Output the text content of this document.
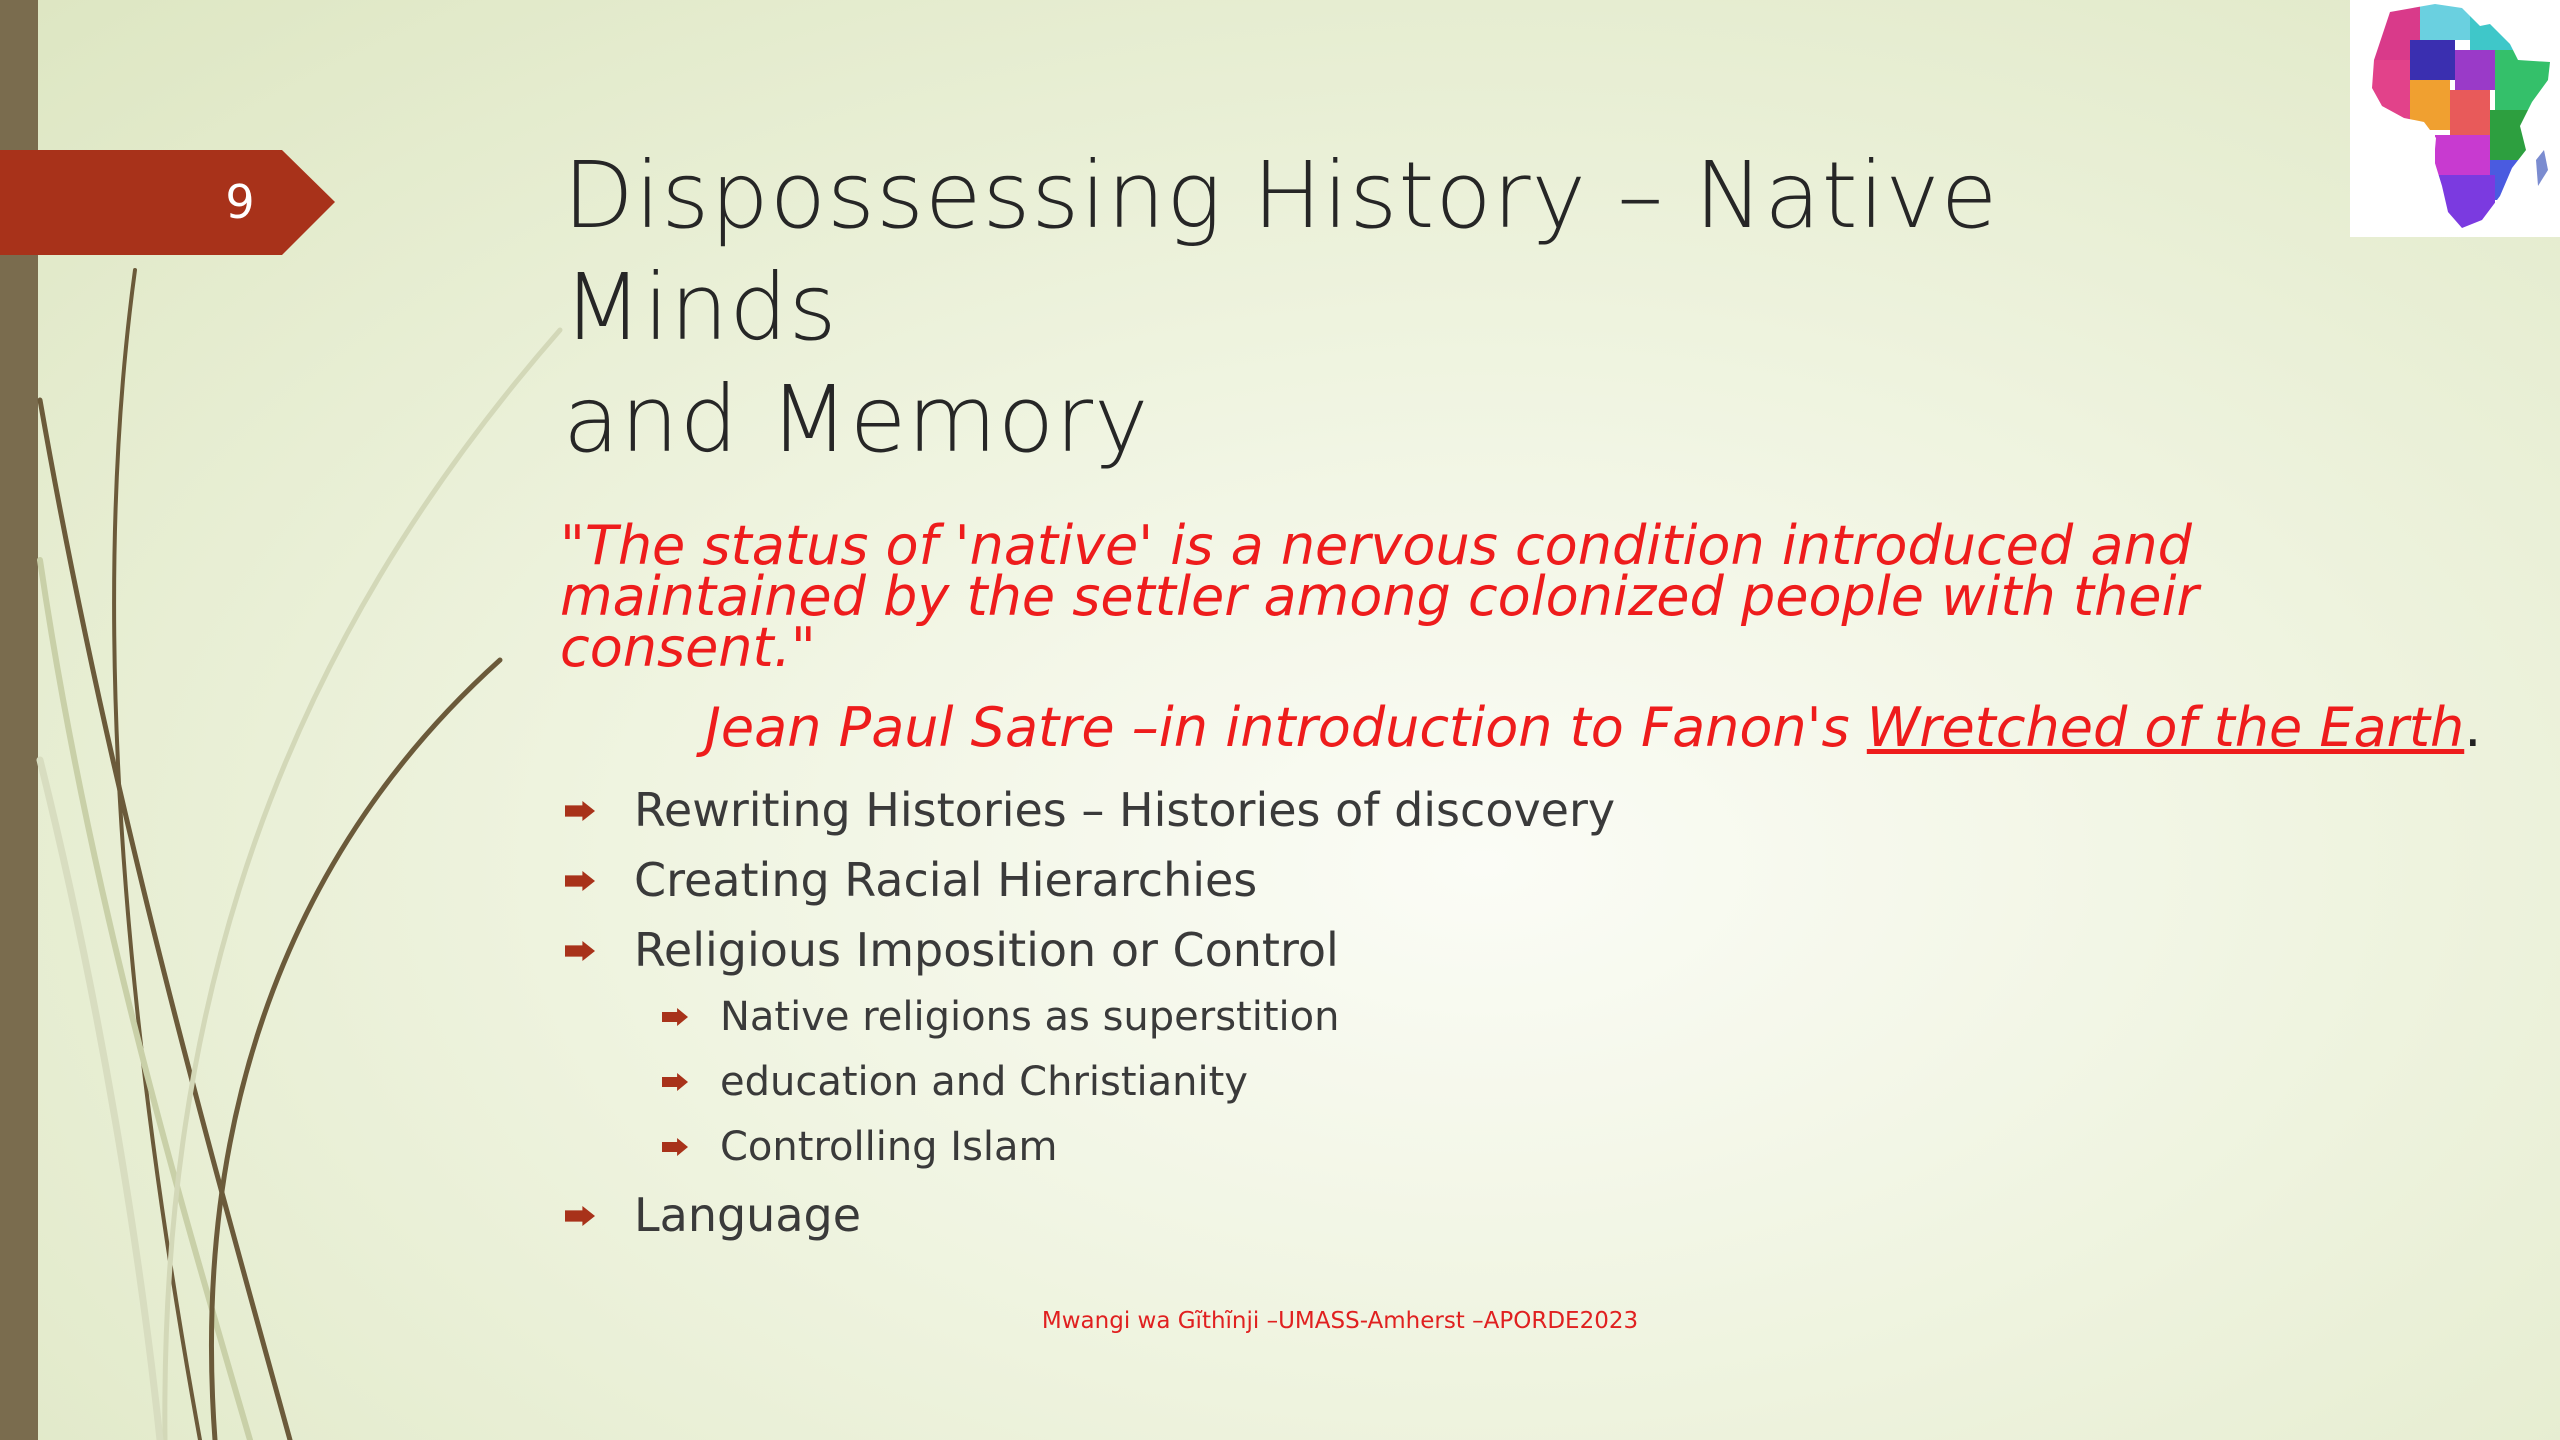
9	Dispossessing History – Native Minds
and Memory
"The status of 'native' is a nervous condition introduced and
maintained by the settler among colonized people with their
consent."
Jean Paul Satre –in introduction to Fanon's Wretched of the Earth.
Rewriting Histories – Histories of discovery
Creating Racial Hierarchies
Religious Imposition or Control
Native religions as superstition
education and Christianity
Controlling Islam
Language
Mwangi wa Gĩthĩnji –UMASS-Amherst –APORDE2023
